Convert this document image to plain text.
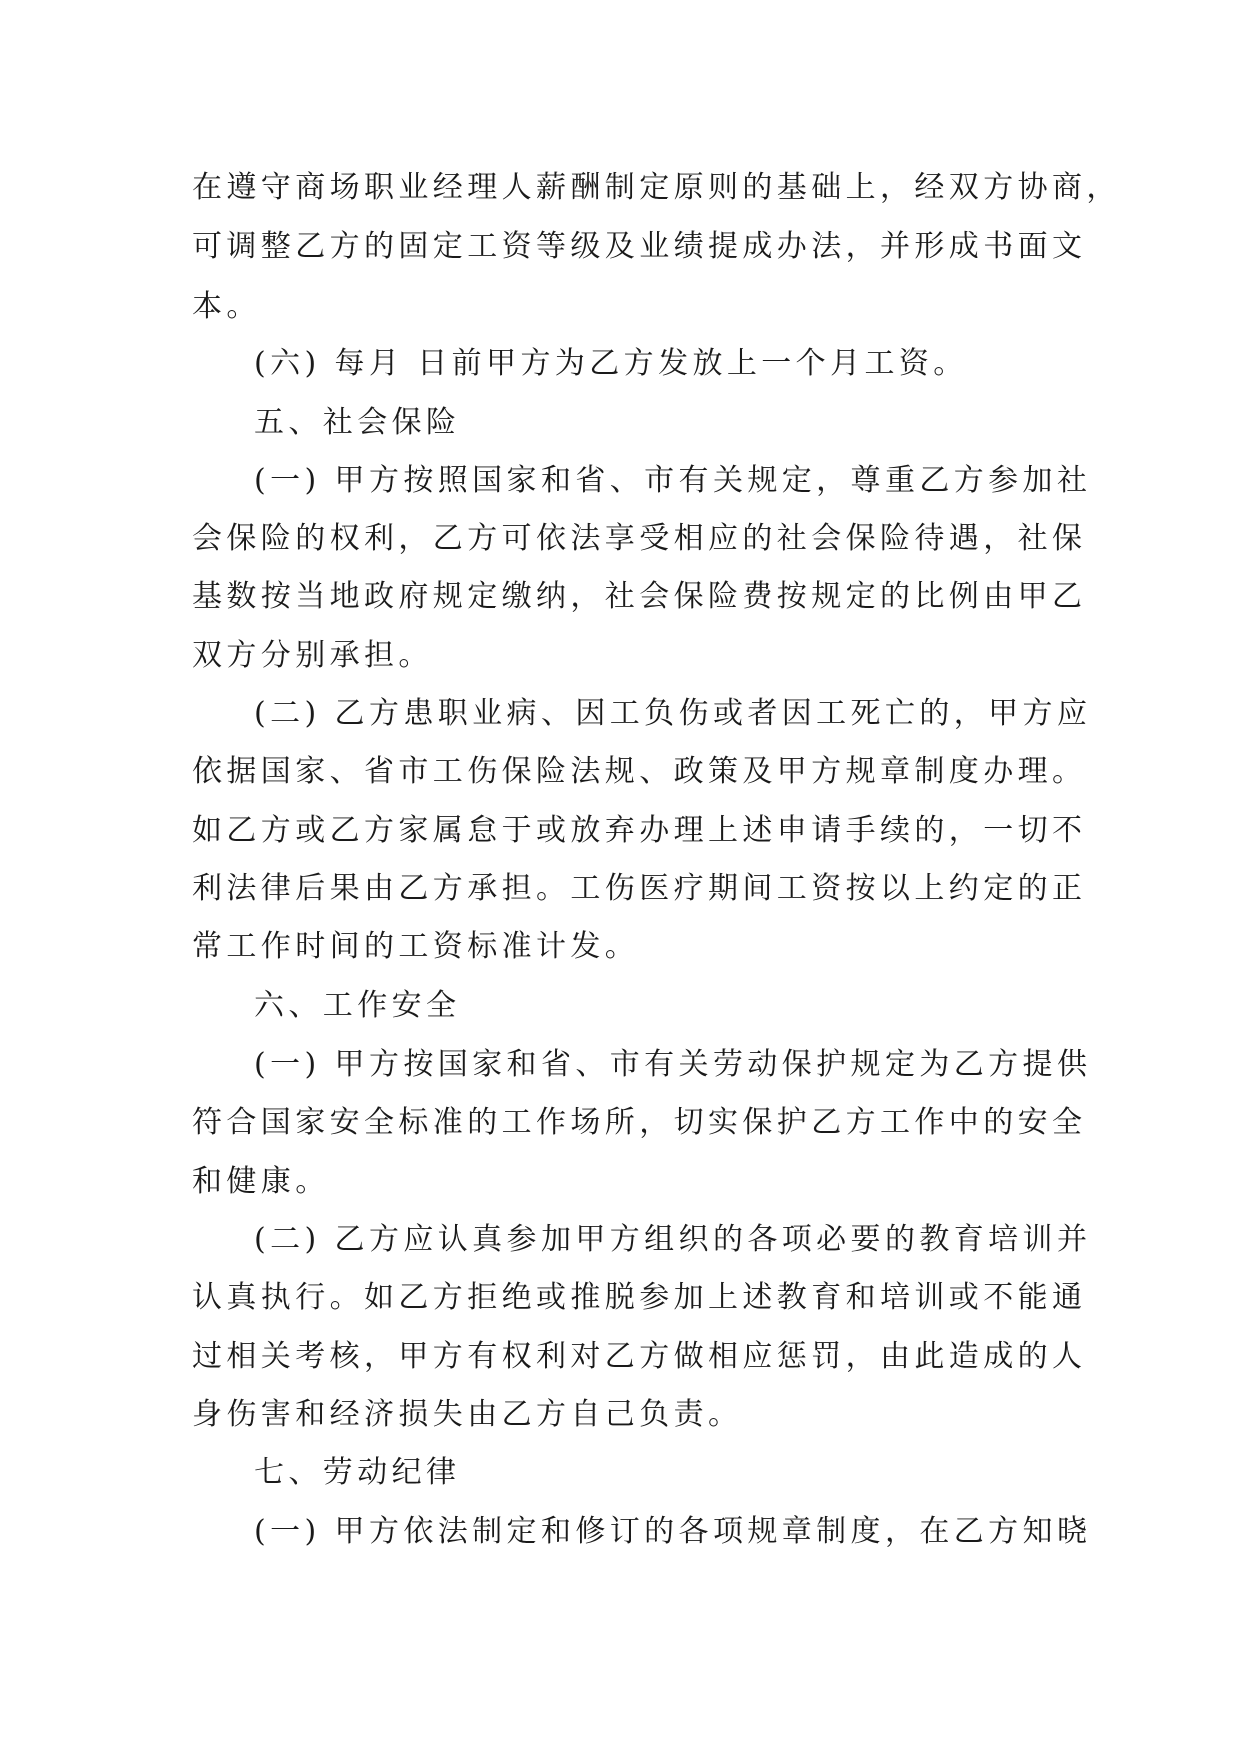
在遵守商场职业经理人薪酬制定原则的基础上，经双方协商，
可调整乙方的固定工资等级及业绩提成办法，并形成书面文
本。
(六) 每月 日前甲方为乙方发放上一个月工资。
五、社会保险
(一) 甲方按照国家和省、市有关规定，尊重乙方参加社
会保险的权利，乙方可依法享受相应的社会保险待遇，社保
基数按当地政府规定缴纳，社会保险费按规定的比例由甲乙
双方分别承担。
(二) 乙方患职业病、因工负伤或者因工死亡的，甲方应
依据国家、省市工伤保险法规、政策及甲方规章制度办理。
如乙方或乙方家属怠于或放弃办理上述申请手续的，一切不
利法律后果由乙方承担。工伤医疗期间工资按以上约定的正
常工作时间的工资标准计发。
六、工作安全
(一) 甲方按国家和省、市有关劳动保护规定为乙方提供
符合国家安全标准的工作场所，切实保护乙方工作中的安全
和健康。
(二) 乙方应认真参加甲方组织的各项必要的教育培训并
认真执行。如乙方拒绝或推脱参加上述教育和培训或不能通
过相关考核，甲方有权利对乙方做相应惩罚，由此造成的人
身伤害和经济损失由乙方自己负责。
七、劳动纪律
(一) 甲方依法制定和修订的各项规章制度，在乙方知晓
